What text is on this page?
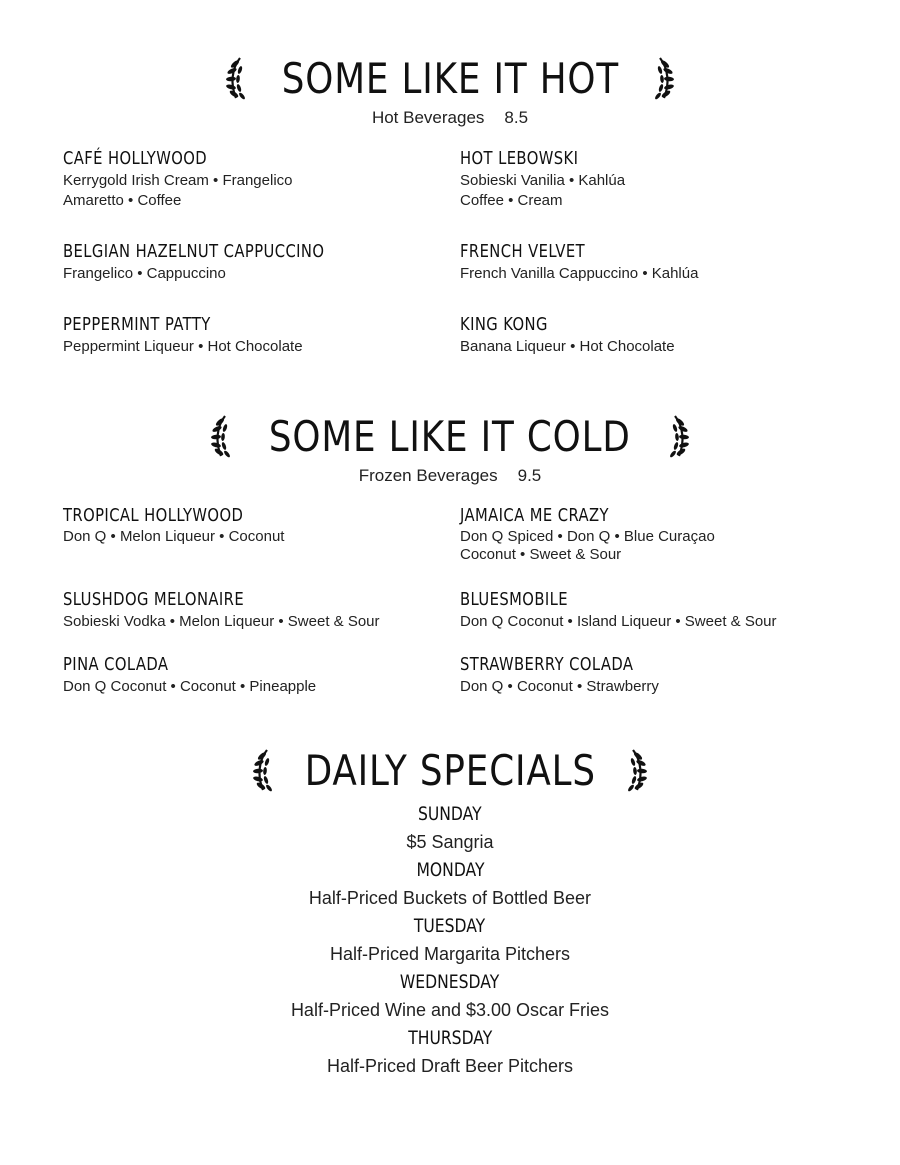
SOME LIKE IT HOT
Hot Beverages 8.5
CAFÉ HOLLYWOOD
Kerrygold Irish Cream • Frangelico
Amaretto • Coffee
HOT LEBOWSKI
Sobieski Vanilia • Kahlúa
Coffee • Cream
BELGIAN HAZELNUT CAPPUCCINO
Frangelico • Cappuccino
FRENCH VELVET
French Vanilla Cappuccino • Kahlúa
PEPPERMINT PATTY
Peppermint Liqueur • Hot Chocolate
KING KONG
Banana Liqueur • Hot Chocolate
SOME LIKE IT COLD
Frozen Beverages 9.5
TROPICAL HOLLYWOOD
Don Q • Melon Liqueur • Coconut
JAMAICA ME CRAZY
Don Q Spiced • Don Q • Blue Curaçao
Coconut • Sweet & Sour
SLUSHDOG MELONAIRE
Sobieski Vodka • Melon Liqueur • Sweet & Sour
BLUESMOBILE
Don Q Coconut • Island Liqueur • Sweet & Sour
PINA COLADA
Don Q Coconut • Coconut • Pineapple
STRAWBERRY COLADA
Don Q • Coconut • Strawberry
DAILY SPECIALS
SUNDAY
$5 Sangria
MONDAY
Half-Priced Buckets of Bottled Beer
TUESDAY
Half-Priced Margarita Pitchers
WEDNESDAY
Half-Priced Wine and $3.00 Oscar Fries
THURSDAY
Half-Priced Draft Beer Pitchers
